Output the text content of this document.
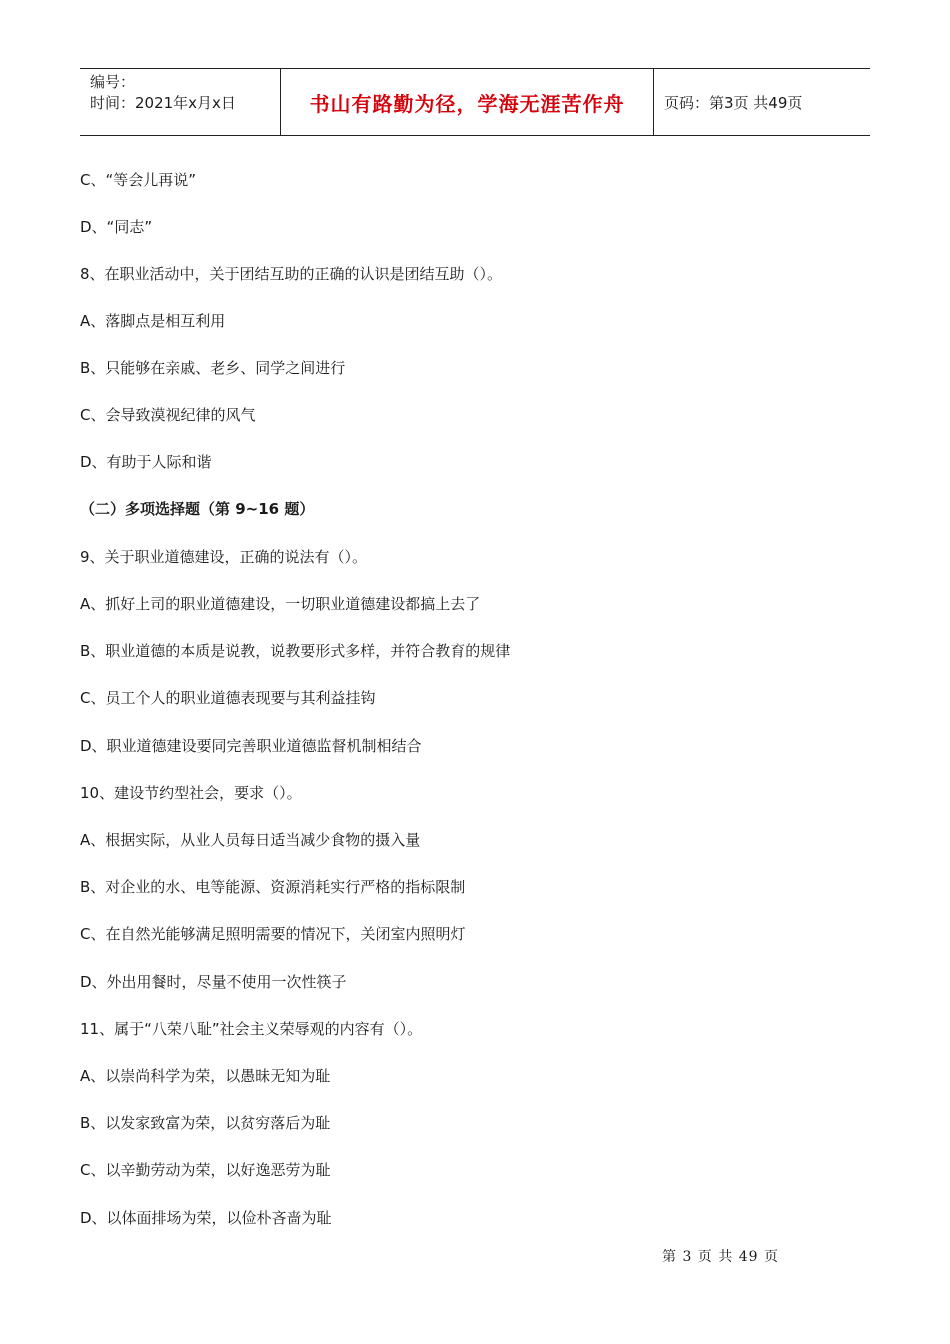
编号：
时间：2021年x月x日	书山有路勤为径，学海无涯苦作舟	页码：第3页 共49页
C、“等会儿再说”
D、“同志”
8、在职业活动中，关于团结互助的正确的认识是团结互助（）。
A、落脚点是相互利用
B、只能够在亲戚、老乡、同学之间进行
C、会导致漠视纪律的风气
D、有助于人际和谐
（二）多项选择题（第 9~16 题）
9、关于职业道德建设，正确的说法有（）。
A、抓好上司的职业道德建设，一切职业道德建设都搞上去了
B、职业道德的本质是说教，说教要形式多样，并符合教育的规律
C、员工个人的职业道德表现要与其利益挂钩
D、职业道德建设要同完善职业道德监督机制相结合
10、建设节约型社会，要求（）。
A、根据实际，从业人员每日适当减少食物的摄入量
B、对企业的水、电等能源、资源消耗实行严格的指标限制
C、在自然光能够满足照明需要的情况下，关闭室内照明灯
D、外出用餐时，尽量不使用一次性筷子
11、属于“八荣八耻”社会主义荣辱观的内容有（）。
A、以崇尚科学为荣，以愚昧无知为耻
B、以发家致富为荣，以贫穷落后为耻
C、以辛勤劳动为荣，以好逸恶劳为耻
D、以体面排场为荣，以俭朴吝啬为耻
第 3 页 共 49 页
